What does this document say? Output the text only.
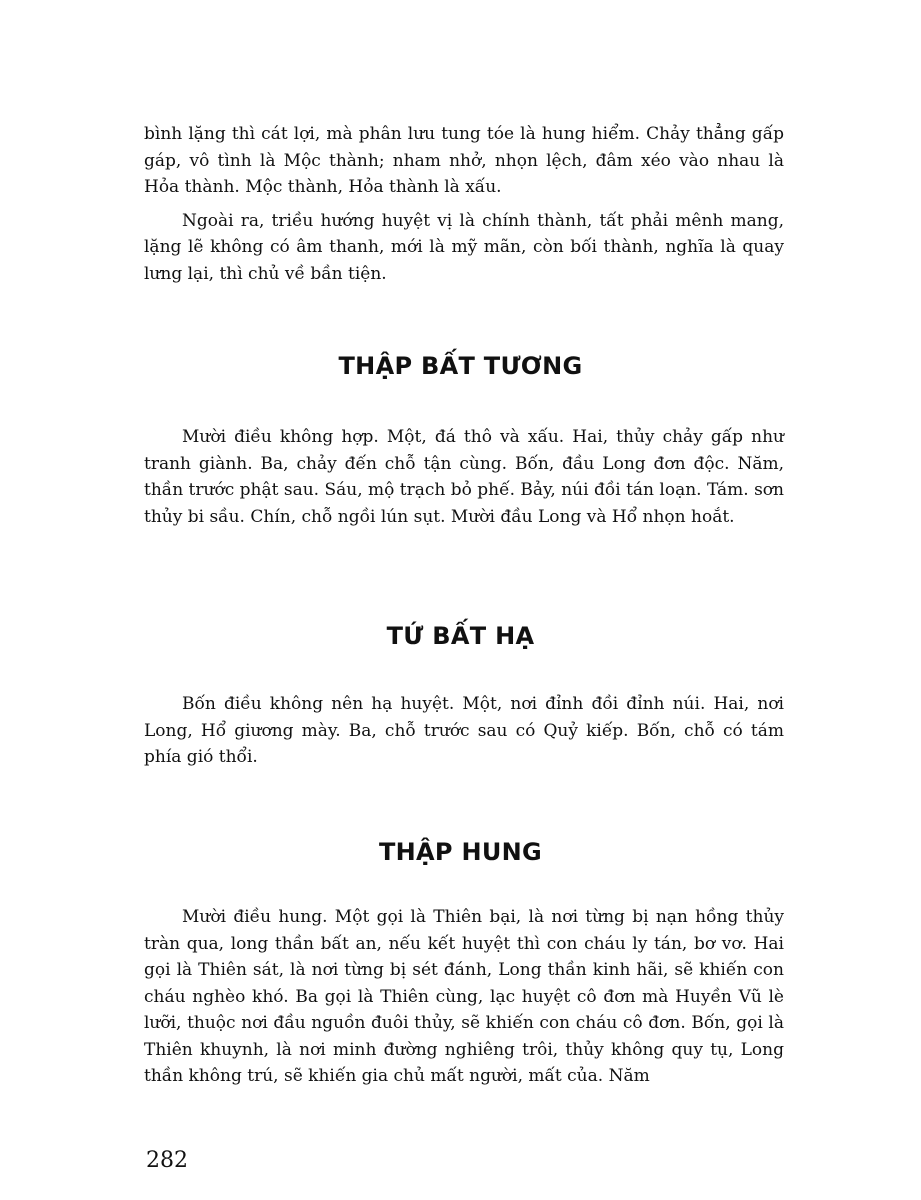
bình lặng thì cát lợi, mà phân lưu tung tóe là hung hiểm. Chảy thẳng gấp gáp, vô tình là Mộc thành; nham nhở, nhọn lệch, đâm xéo vào nhau là Hỏa thành. Mộc thành, Hỏa thành là xấu.

Ngoài ra, triều hướng huyệt vị là chính thành, tất phải mênh mang, lặng lẽ không có âm thanh, mới là mỹ mãn, còn bối thành, nghĩa là quay lưng lại, thì chủ về bần tiện.

THẬP BẤT TƯƠNG

Mười điều không hợp. Một, đá thô và xấu. Hai, thủy chảy gấp như tranh giành. Ba, chảy đến chỗ tận cùng. Bốn, đầu Long đơn độc. Năm, thần trước phật sau. Sáu, mộ trạch bỏ phế. Bảy, núi đồi tán loạn. Tám. sơn thủy bi sầu. Chín, chỗ ngồi lún sụt. Mười đầu Long và Hổ nhọn hoắt.

TỨ BẤT HẠ

Bốn điều không nên hạ huyệt. Một, nơi đỉnh đồi đỉnh núi. Hai, nơi Long, Hổ giương mày. Ba, chỗ trước sau có Quỷ kiếp. Bốn, chỗ có tám phía gió thổi.

THẬP HUNG

Mười điều hung. Một gọi là Thiên bại, là nơi từng bị nạn hồng thủy tràn qua, long thần bất an, nếu kết huyệt thì con cháu ly tán, bơ vơ. Hai gọi là Thiên sát, là nơi từng bị sét đánh, Long thần kinh hãi, sẽ khiến con cháu nghèo khó. Ba gọi là Thiên cùng, lạc huyệt cô đơn mà Huyền Vũ lè lưỡi, thuộc nơi đầu nguồn đuôi thủy, sẽ khiến con cháu cô đơn. Bốn, gọi là Thiên khuynh, là nơi minh đường nghiêng trôi, thủy không quy tụ, Long thần không trú, sẽ khiến gia chủ mất người, mất của. Năm

282
